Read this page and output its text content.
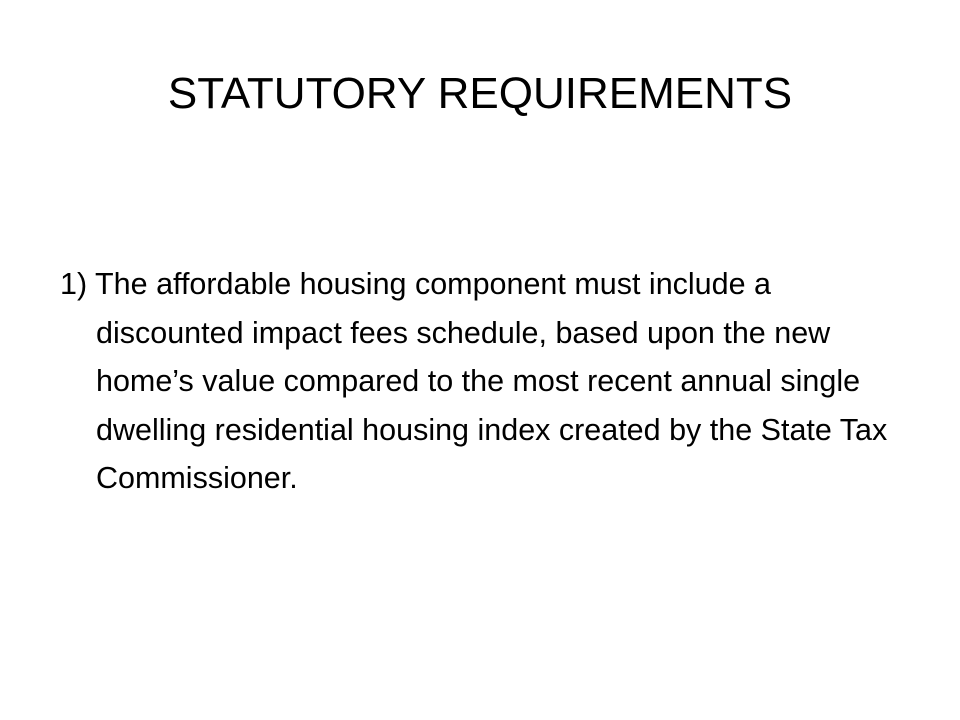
STATUTORY REQUIREMENTS
1) The affordable housing component must include a discounted impact fees schedule, based upon the new home’s value compared to the most recent annual single dwelling residential housing index created by the State Tax Commissioner.
